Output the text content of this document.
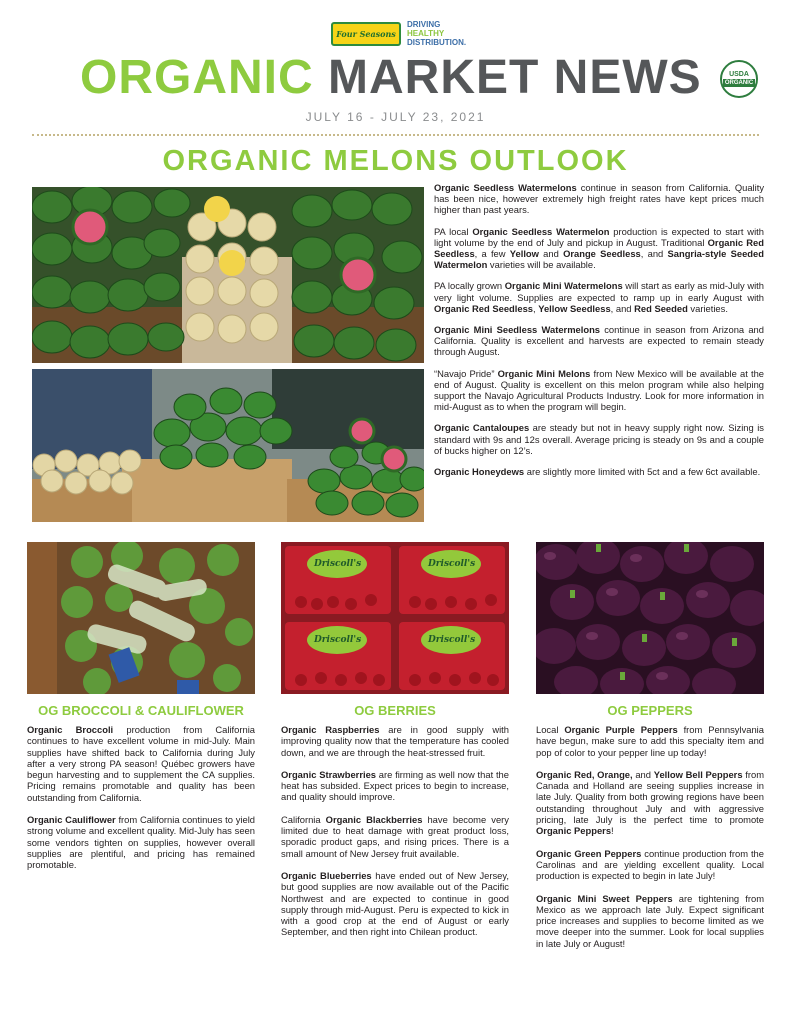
Four Seasons
DRIVING
HEALTHY
DISTRIBUTION.
ORGANIC MARKET NEWS	USDA
ORGANIC
JULY 16 - JULY 23, 2021
ORGANIC MELONS OUTLOOK

Organic Seedless Watermelons continue in season from California. Quality has been nice, however extremely high freight rates have kept prices much higher than past years.

PA local Organic Seedless Watermelon production is expected to start with light volume by the end of July and pickup in August. Traditional Organic Red Seedless, a few Yellow and Orange Seedless, and Sangria-style Seeded Watermelon varieties will be available.

PA locally grown Organic Mini Watermelons will start as early as mid-July with very light volume. Supplies are expected to ramp up in early August with Organic Red Seedless, Yellow Seedless, and Red Seeded varieties.

Organic Mini Seedless Watermelons continue in season from Arizona and California. Quality is excellent and harvests are expected to remain steady through August.

“Navajo Pride” Organic Mini Melons from New Mexico will be available at the end of August. Quality is excellent on this melon program while also helping support the Navajo Agricultural Products Industry. Look for more information in mid-August as to when the program will begin.

Organic Cantaloupes are steady but not in heavy supply right now. Sizing is standard with 9s and 12s overall. Average pricing is steady on 9s and a couple of bucks higher on 12’s.

Organic Honeydews are slightly more limited with 5ct and a few 6ct available.

Driscoll's	Driscoll's
Driscoll's	Driscoll's
OG BROCCOLI & CAULIFLOWER	OG BERRIES	OG PEPPERS

Organic Broccoli production from California continues to have excellent volume in mid-July. Main supplies have shifted back to California during July after a very strong PA season! Québec growers have begun harvesting and to supplement the CA supplies. Pricing remains promotable and quality has been outstanding from California.

Organic Cauliflower from California continues to yield strong volume and excellent quality. Mid-July has seen some vendors tighten on supplies, however overall supplies are plentiful, and pricing has remained promotable.

Organic Raspberries are in good supply with improving quality now that the temperature has cooled down, and we are through the heat-stressed fruit.

Organic Strawberries are firming as well now that the heat has subsided. Expect prices to begin to increase, and quality should improve.

California Organic Blackberries have become very limited due to heat damage with great product loss, sporadic product gaps, and rising prices. There is a small amount of New Jersey fruit available.

Organic Blueberries have ended out of New Jersey, but good supplies are now available out of the Pacific Northwest and are expected to continue in good supply through mid-August. Peru is expected to kick in with a good crop at the end of August or early September, and then right into Chilean product.

Local Organic Purple Peppers from Pennsylvania have begun, make sure to add this specialty item and pop of color to your pepper line up today!

Organic Red, Orange, and Yellow Bell Peppers from Canada and Holland are seeing supplies increase in late July. Quality from both growing regions have been outstanding throughout July and with aggressive pricing, late July is the perfect time to promote Organic Peppers!

Organic Green Peppers continue production from the Carolinas and are yielding excellent quality. Local production is expected to begin in late July!

Organic Mini Sweet Peppers are tightening from Mexico as we approach late July. Expect significant price increases and supplies to become limited as we move deeper into the summer. Look for local supplies in late July or August!
